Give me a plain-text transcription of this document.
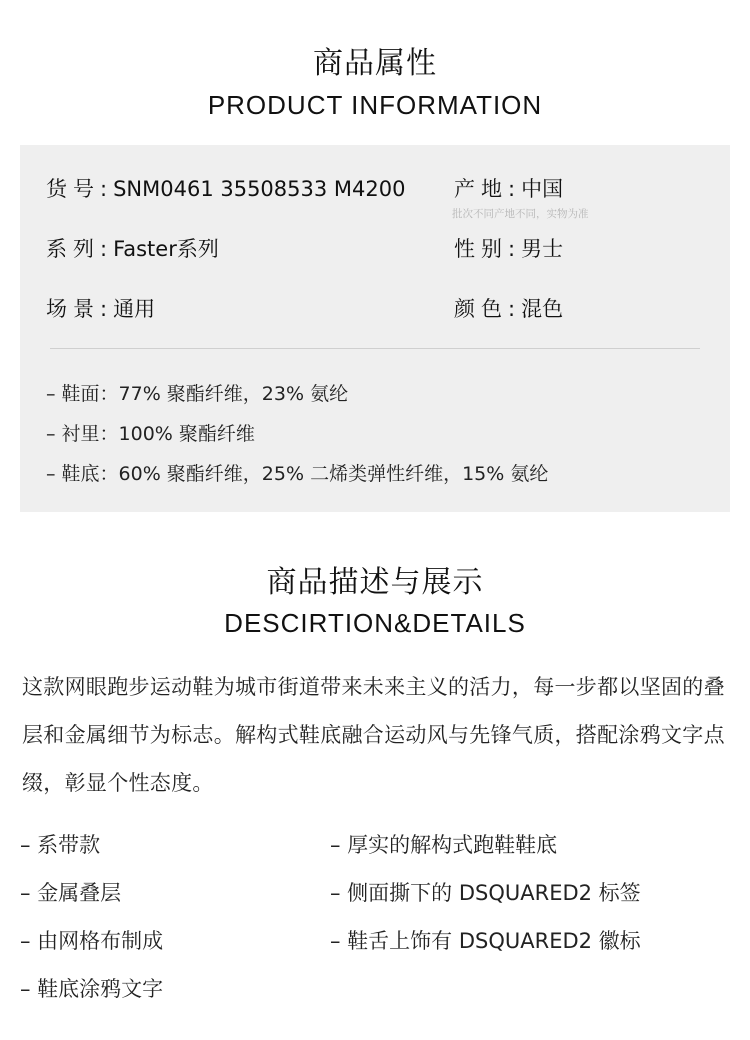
商品属性
PRODUCT INFORMATION
货号: SNM0461 35508533 M4200 产地: 中国
批次不同产地不同，实物为准
系列: Faster系列	性别: 男士
场景: 通用	颜色: 混色
– 鞋面：77% 聚酯纤维，23% 氨纶
– 衬里：100% 聚酯纤维
– 鞋底：60% 聚酯纤维，25% 二烯类弹性纤维，15% 氨纶
商品描述与展示
DESCIRTION&DETAILS
这款网眼跑步运动鞋为城市街道带来未来主义的活力，每一步都以坚固的叠层和金属细节为标志。解构式鞋底融合运动风与先锋气质，搭配涂鸦文字点缀，彰显个性态度。
– 系带款
– 金属叠层
– 由网格布制成
– 鞋底涂鸦文字
– 厚实的解构式跑鞋鞋底
– 侧面撕下的 DSQUARED2 标签
– 鞋舌上饰有 DSQUARED2 徽标
